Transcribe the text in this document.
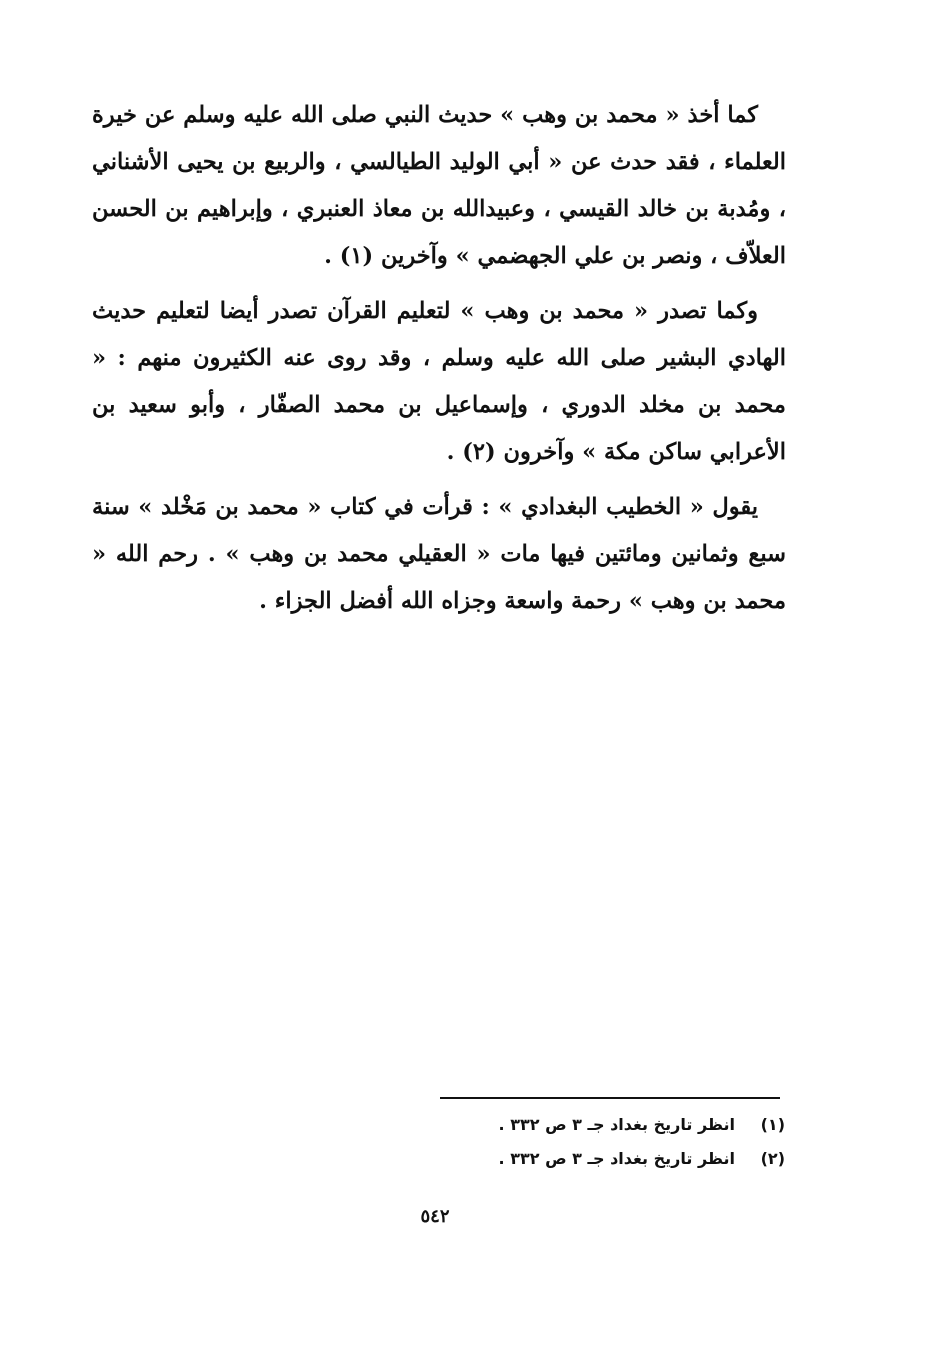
كما أخذ « محمد بن وهب » حديث النبي صلى الله عليه وسلم عن خيرة العلماء ، فقد حدث عن « أبي الوليد الطيالسي ، والربيع بن يحيى الأشناني ، ومُدبة بن خالد القيسي ، وعبيدالله بن معاذ العنبري ، وإبراهيم بن الحسن العلاّف ، ونصر بن علي الجهضمي » وآخرين (١) .

وكما تصدر « محمد بن وهب » لتعليم القرآن تصدر أيضا لتعليم حديث الهادي البشير صلى الله عليه وسلم ، وقد روى عنه الكثيرون منهم : « محمد بن مخلد الدوري ، وإسماعيل بن محمد الصفّار ، وأبو سعيد بن الأعرابي ساكن مكة » وآخرون (٢) .

يقول « الخطيب البغدادي » : قرأت في كتاب « محمد بن مَخْلد » سنة سبع وثمانين ومائتين فيها مات « العقيلي محمد بن وهب » . رحم الله « محمد بن وهب » رحمة واسعة وجزاه الله أفضل الجزاء .

(١)
انظر تاريخ بغداد جـ ٣ ص ٣٣٢ .
(٢)
انظر تاريخ بغداد جـ ٣ ص ٣٣٢ .
٥٤٢
